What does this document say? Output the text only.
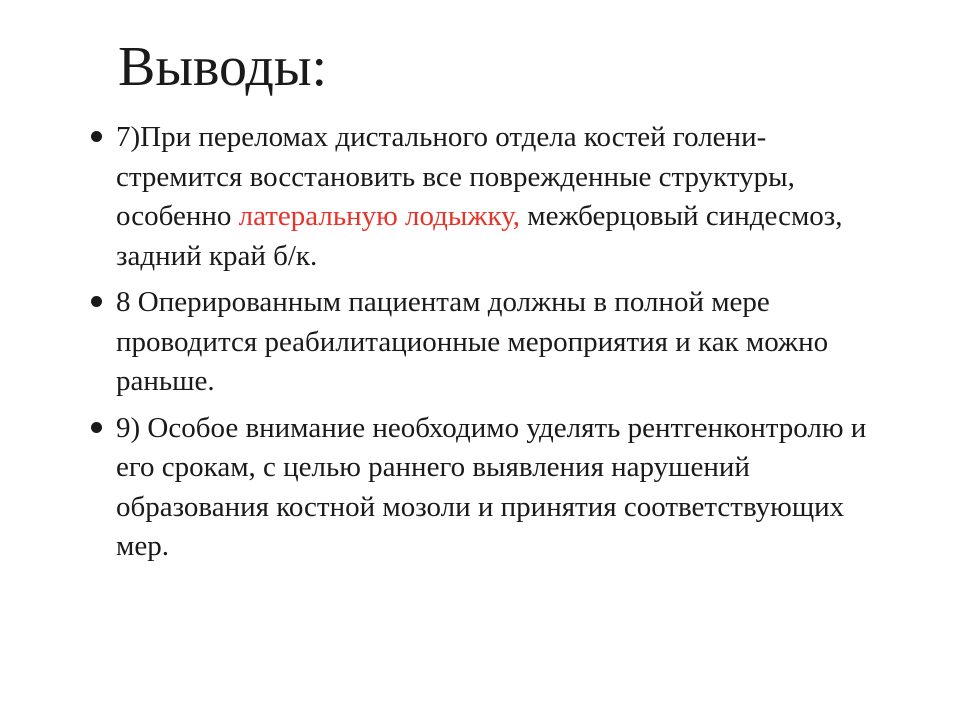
Выводы:
7)При переломах дистального отдела костей голени- стремится восстановить все поврежденные структуры, особенно латеральную лодыжку, межберцовый синдесмоз, задний край б/к.
8 Оперированным пациентам должны в полной мере проводится реабилитационные мероприятия и как можно раньше.
9) Особое внимание необходимо уделять рентгенконтролю и его срокам, с целью раннего выявления нарушений образования костной мозоли и принятия соответствующих мер.
